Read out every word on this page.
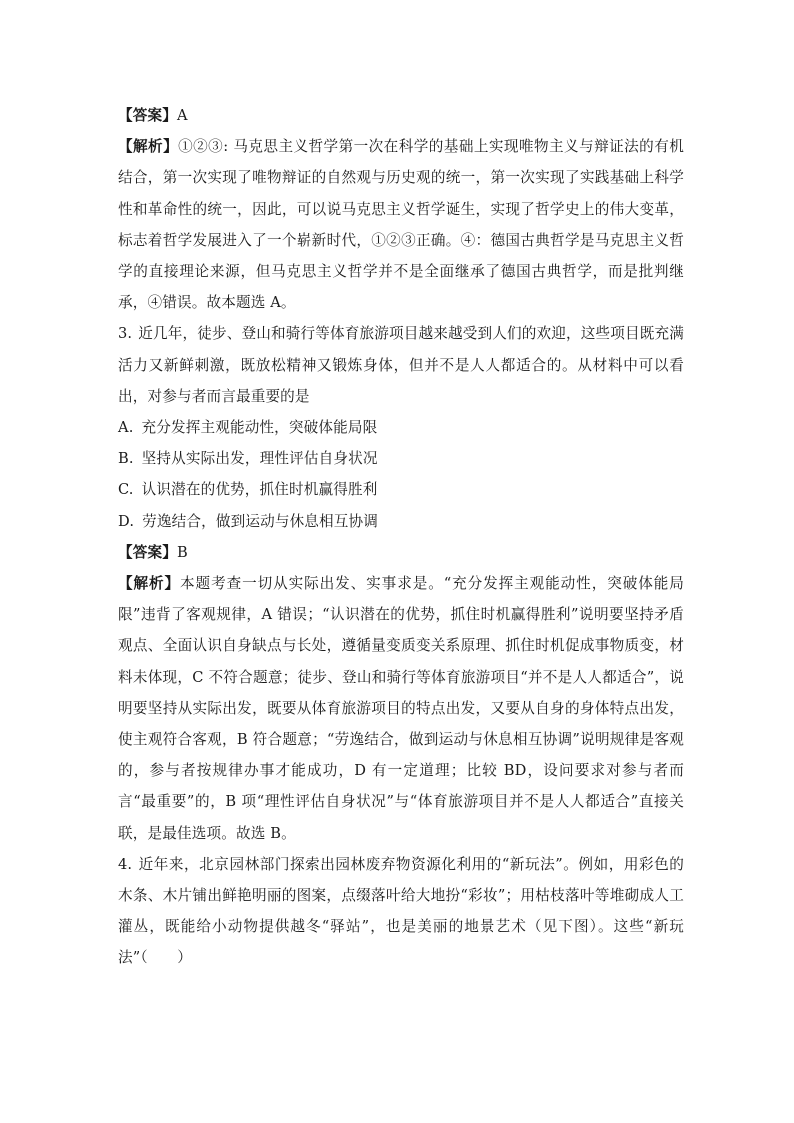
【答案】A

【解析】①②③: 马克思主义哲学第一次在科学的基础上实现唯物主义与辩证法的有机结合，第一次实现了唯物辩证的自然观与历史观的统一，第一次实现了实践基础上科学性和革命性的统一，因此，可以说马克思主义哲学诞生，实现了哲学史上的伟大变革，标志着哲学发展进入了一个崭新时代，①②③正确。④：德国古典哲学是马克思主义哲学的直接理论来源，但马克思主义哲学并不是全面继承了德国古典哲学，而是批判继承，④错误。故本题选 A。

3. 近几年，徒步、登山和骑行等体育旅游项目越来越受到人们的欢迎，这些项目既充满活力又新鲜刺激，既放松精神又锻炼身体，但并不是人人都适合的。从材料中可以看出，对参与者而言最重要的是

A. 充分发挥主观能动性，突破体能局限

B. 坚持从实际出发，理性评估自身状况

C. 认识潜在的优势，抓住时机赢得胜利

D. 劳逸结合，做到运动与休息相互协调

【答案】B

【解析】本题考查一切从实际出发、实事求是。“充分发挥主观能动性，突破体能局限”违背了客观规律，A 错误；“认识潜在的优势，抓住时机赢得胜利”说明要坚持矛盾观点、全面认识自身缺点与长处，遵循量变质变关系原理、抓住时机促成事物质变，材料未体现，C 不符合题意；徒步、登山和骑行等体育旅游项目“并不是人人都适合”，说明要坚持从实际出发，既要从体育旅游项目的特点出发，又要从自身的身体特点出发，使主观符合客观，B 符合题意；“劳逸结合，做到运动与休息相互协调”说明规律是客观的，参与者按规律办事才能成功，D 有一定道理；比较 BD，设问要求对参与者而言“最重要”的，B 项“理性评估自身状况”与“体育旅游项目并不是人人都适合”直接关联，是最佳选项。故选 B。

4. 近年来，北京园林部门探索出园林废弃物资源化利用的“新玩法”。例如，用彩色的木条、木片铺出鲜艳明丽的图案，点缀落叶给大地扮“彩妆”；用枯枝落叶等堆砌成人工灌丛，既能给小动物提供越冬“驿站”，也是美丽的地景艺术（见下图）。这些“新玩法”（　　）
